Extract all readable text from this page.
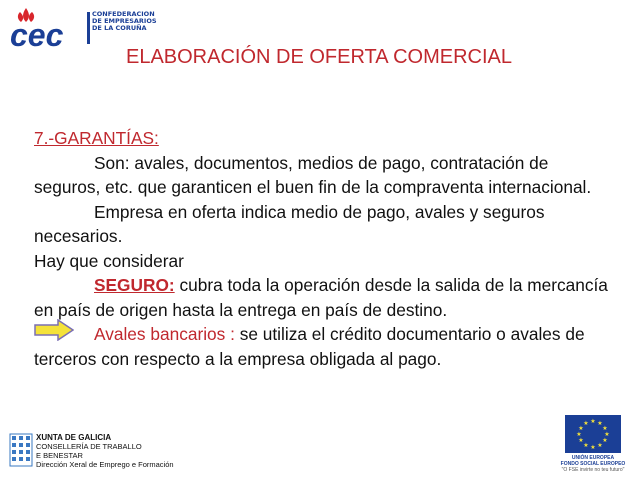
cec
CONFEDERACION
DE EMPRESARIOS
DE LA CORUÑA
ELABORACIÓN DE OFERTA COMERCIAL

7.-GARANTÍAS:

Son: avales, documentos, medios de pago, contratación de seguros, etc. que garanticen el buen fin de la compraventa internacional.

Empresa en oferta indica medio de pago, avales y seguros necesarios.

Hay que considerar

SEGURO: cubra toda la operación desde la salida de la mercancía en país de origen hasta la entrega en país de destino.

Avales bancarios : se utiliza el crédito documentario o avales de terceros con respecto a la empresa obligada al pago.

XUNTA DE GALICIA
CONSELLERÍA DE TRABALLO
E BENESTAR
Dirección Xeral de Emprego e Formación
★ ★
★
★
★
★
★
★
★
★
★
★
UNIÓN EUROPEA
FONDO SOCIAL EUROPEO
"O FSE invirte no teu futuro"
